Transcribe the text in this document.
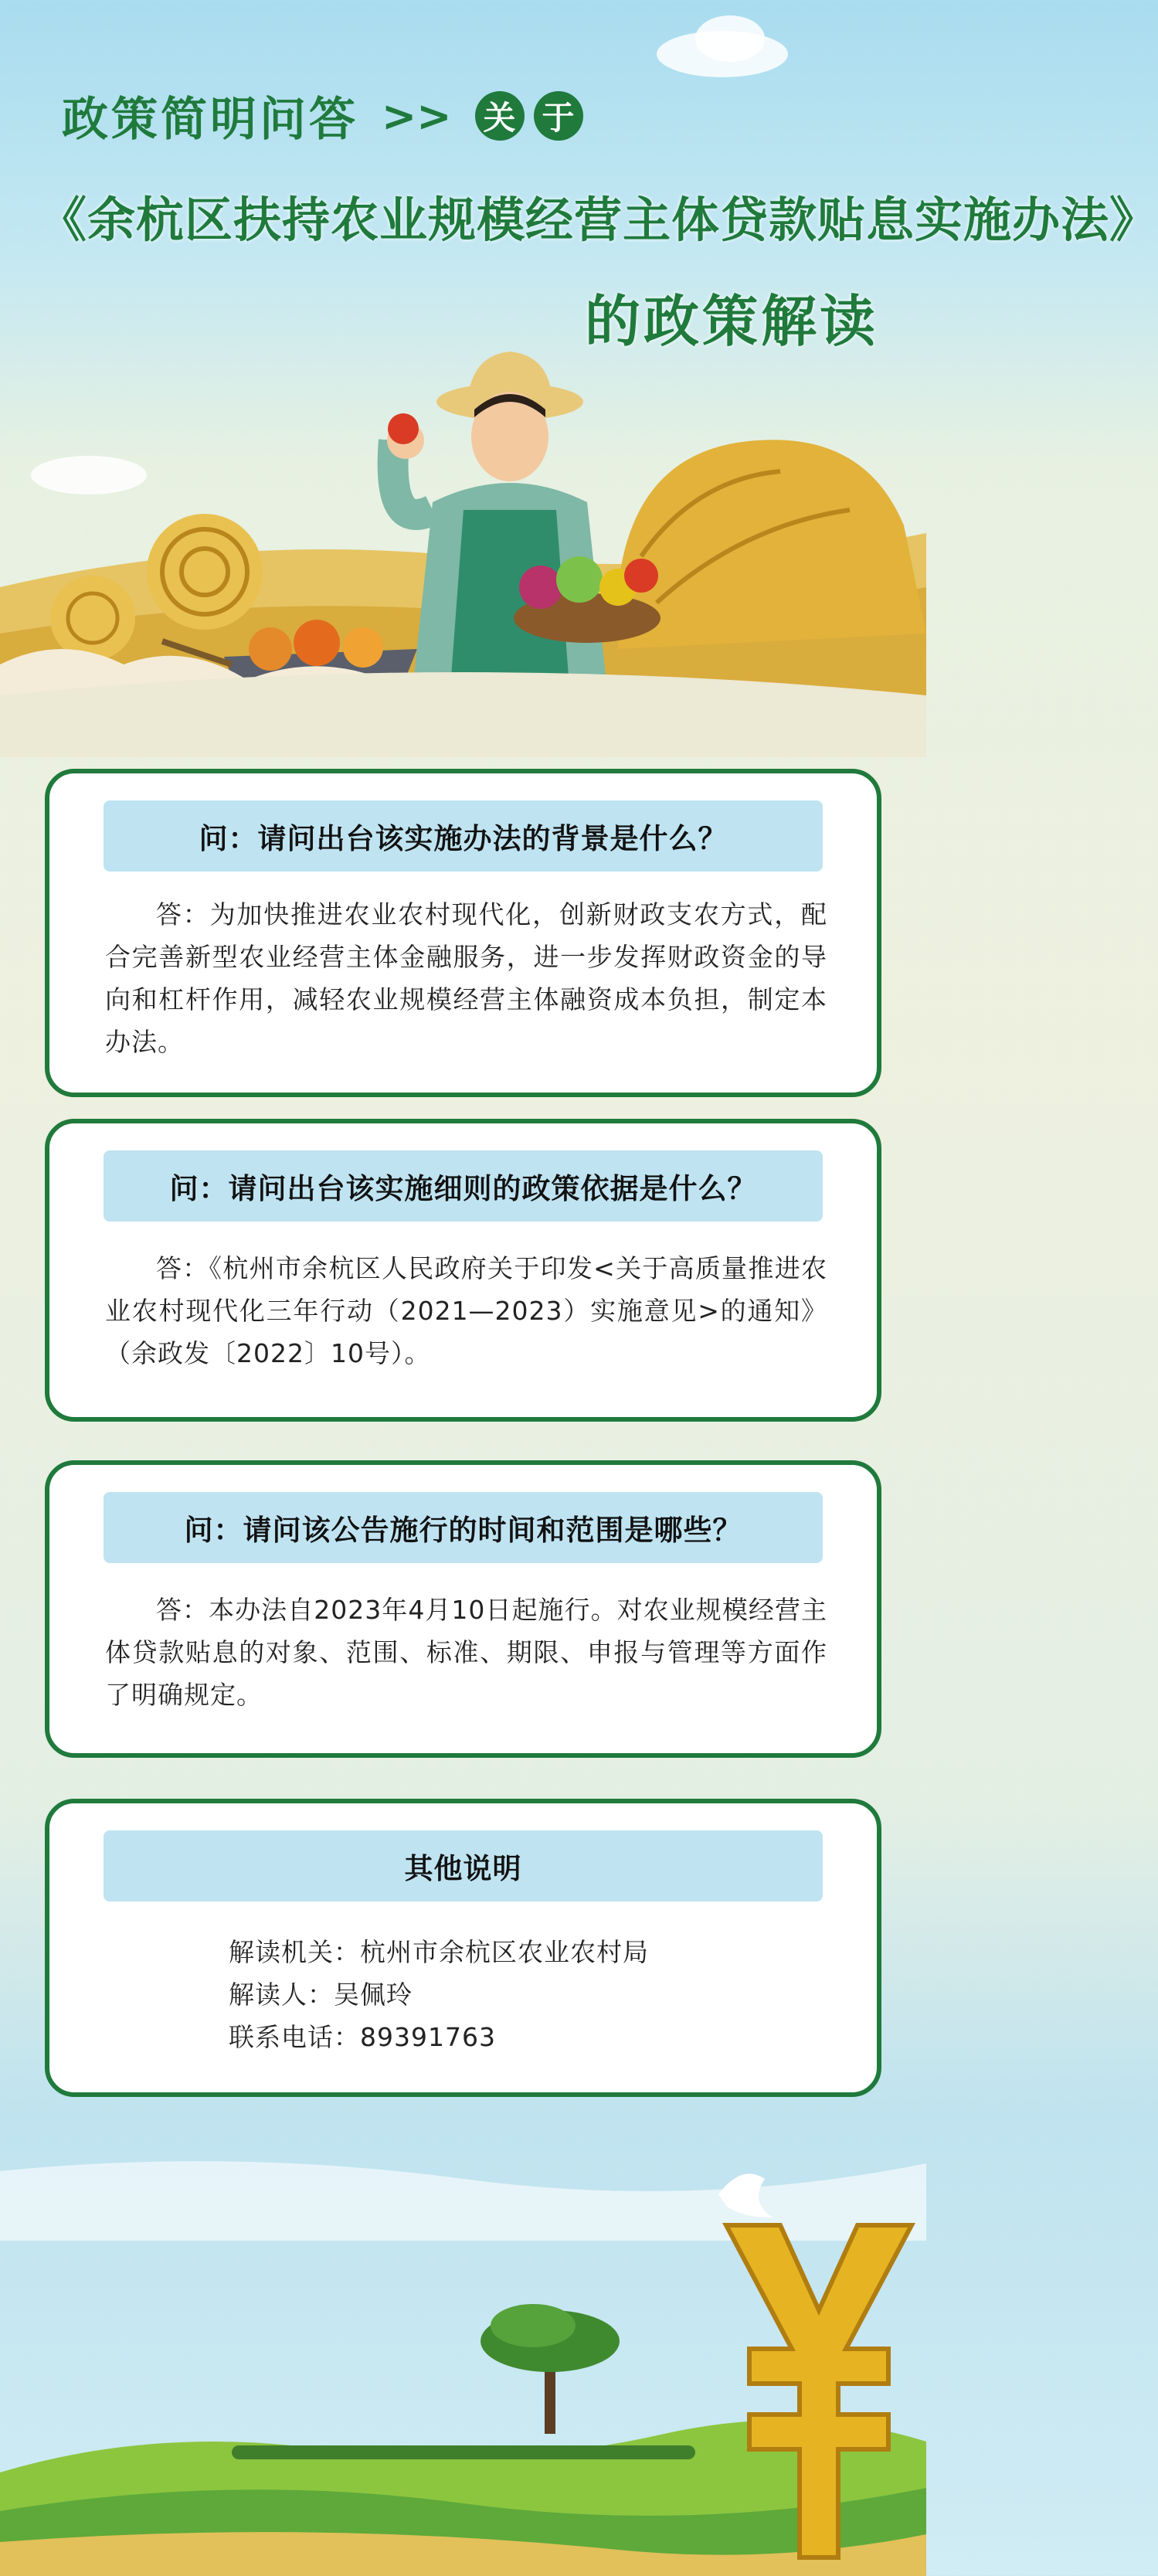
政策简明问答 >> 关 于
《余杭区扶持农业规模经营主体贷款贴息实施办法》
的政策解读
问：请问出台该实施办法的背景是什么？
答：为加快推进农业农村现代化，创新财政支农方式，配合完善新型农业经营主体金融服务，进一步发挥财政资金的导向和杠杆作用，减轻农业规模经营主体融资成本负担，制定本办法。
问：请问出台该实施细则的政策依据是什么？
答：《杭州市余杭区人民政府关于印发<关于高质量推进农业农村现代化三年行动（2021—2023）实施意见>的通知》（余政发〔2022〕10号）。
问：请问该公告施行的时间和范围是哪些？
答：本办法自2023年4月10日起施行。对农业规模经营主体贷款贴息的对象、范围、标准、期限、申报与管理等方面作了明确规定。
其他说明
解读机关：杭州市余杭区农业农村局
解读人：吴佩玲
联系电话：89391763
